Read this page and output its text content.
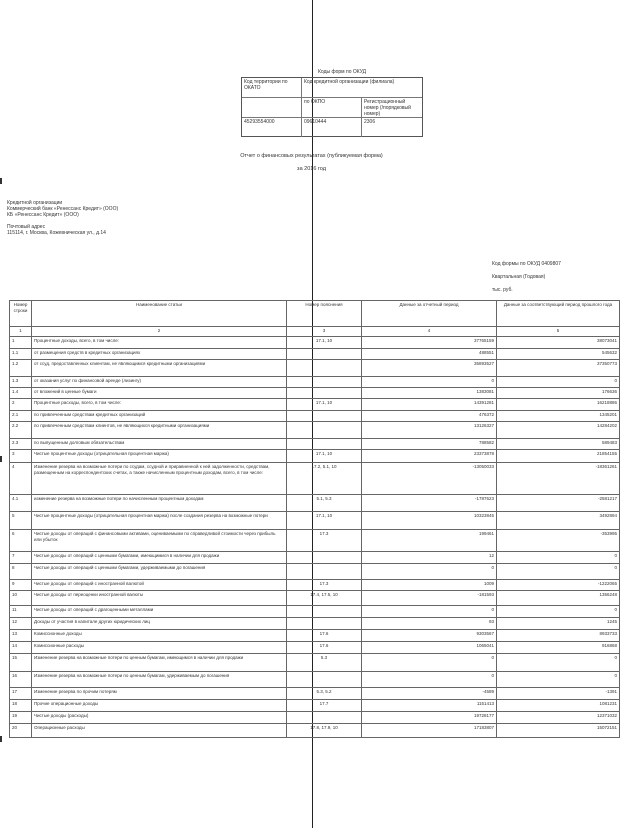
Коды форм по ОКУД
Код территории по ОКАТО
Код кредитной организации (филиала)
по ОКПО	Регистрационный номер (/порядковый номер)
45293554000	09610444	2306
Отчет о финансовых результатах (публикуемая форма)
за 2016 год
Кредитной организации
Коммерческий банк «Ренессанс Кредит» (ООО)
КБ «Ренессанс Кредит» (ООО)
Почтовый адрес
115114, г. Москва, Кожевническая ул., д.14
Код формы по ОКУД 0409807
Квартальная (Годовая)
тыс. руб.
Номер строки	Наименование статьи	Номер пояснения	Данные за отчетный период	Данные за соответствующий период прошлого года
1	2	3	4	5
1	Процентные доходы, всего, в том числе:	17.1, 10	37765159	38073041
1.1	от размещения средств в кредитных организациях		488551	545632
1.2	от ссуд, предоставленных клиентам, не являющимся кредитными организациями		35893527	37350773
1.3	от оказания услуг по финансовой аренде (лизингу)		0	0
1.4	от вложений в ценные бумаги		1383081	176636
2	Процентные расходы, всего, в том числе:	17.1, 10	14391281	16218886
2.1	по привлеченным средствам кредитных организаций		476372	1345201
2.2	по привлеченным средствам клиентов, не являющихся кредитными организациями		13126327	14284202
2.3	по выпущенным долговым обязательствам		788582	589483
3	Чистые процентные доходы (отрицательная процентная маржа)	17.1, 10	23373878	21854155
4	Изменение резерва на возможные потери по ссудам, ссудной и приравненной к ней задолженности, средствам, размещенным на корреспондентских счетах, а также начисленным процентным доходам, всего, в том числе:	17.2, 5.1, 10	-13050033	-18361261
4.1	изменение резерва на возможные потери по начисленным процентным доходам	5.1, 5.3	-1787623	-2581217
5	Чистые процентные доходы (отрицательная процентная маржа) после создания резерва на возможные потери	17.1, 10	10323845	3492894
6	Чистые доходы от операций с финансовыми активами, оцениваемыми по справедливой стоимости через прибыль или убыток	17.3	199461	-353995
7	Чистые доходы от операций с ценными бумагами, имеющимися в наличии для продажи		12	0
8	Чистые доходы от операций с ценными бумагами, удерживаемыми до погашения		0	0
9	Чистые доходы от операций с иностранной валютой	17.3	1009	-1222065
10	Чистые доходы от переоценки иностранной валюты	17.4, 17.5, 10	-181593	1356248
11	Чистые доходы от операций с драгоценными металлами		0	0
12	Доходы от участия в капитале других юридических лиц		93	1245
13	Комиссионные доходы	17.6	9303567	8933733
14	Комиссионные расходы	17.6	1065041	916868
15	Изменение резерва на возможные потери по ценным бумагам, имеющимся в наличии для продажи	5.3	0	0
16	Изменение резерва на возможные потери по ценным бумагам, удерживаемым до погашения		0	0
17	Изменение резерва по прочим потерям	5.3, 5.2	-4589	-1391
18	Прочие операционные доходы	17.7	1151413	1081231
19	Чистые доходы (расходы)		19728177	12371032
20	Операционные расходы	17.8, 17.9, 10	17183807	15072151
